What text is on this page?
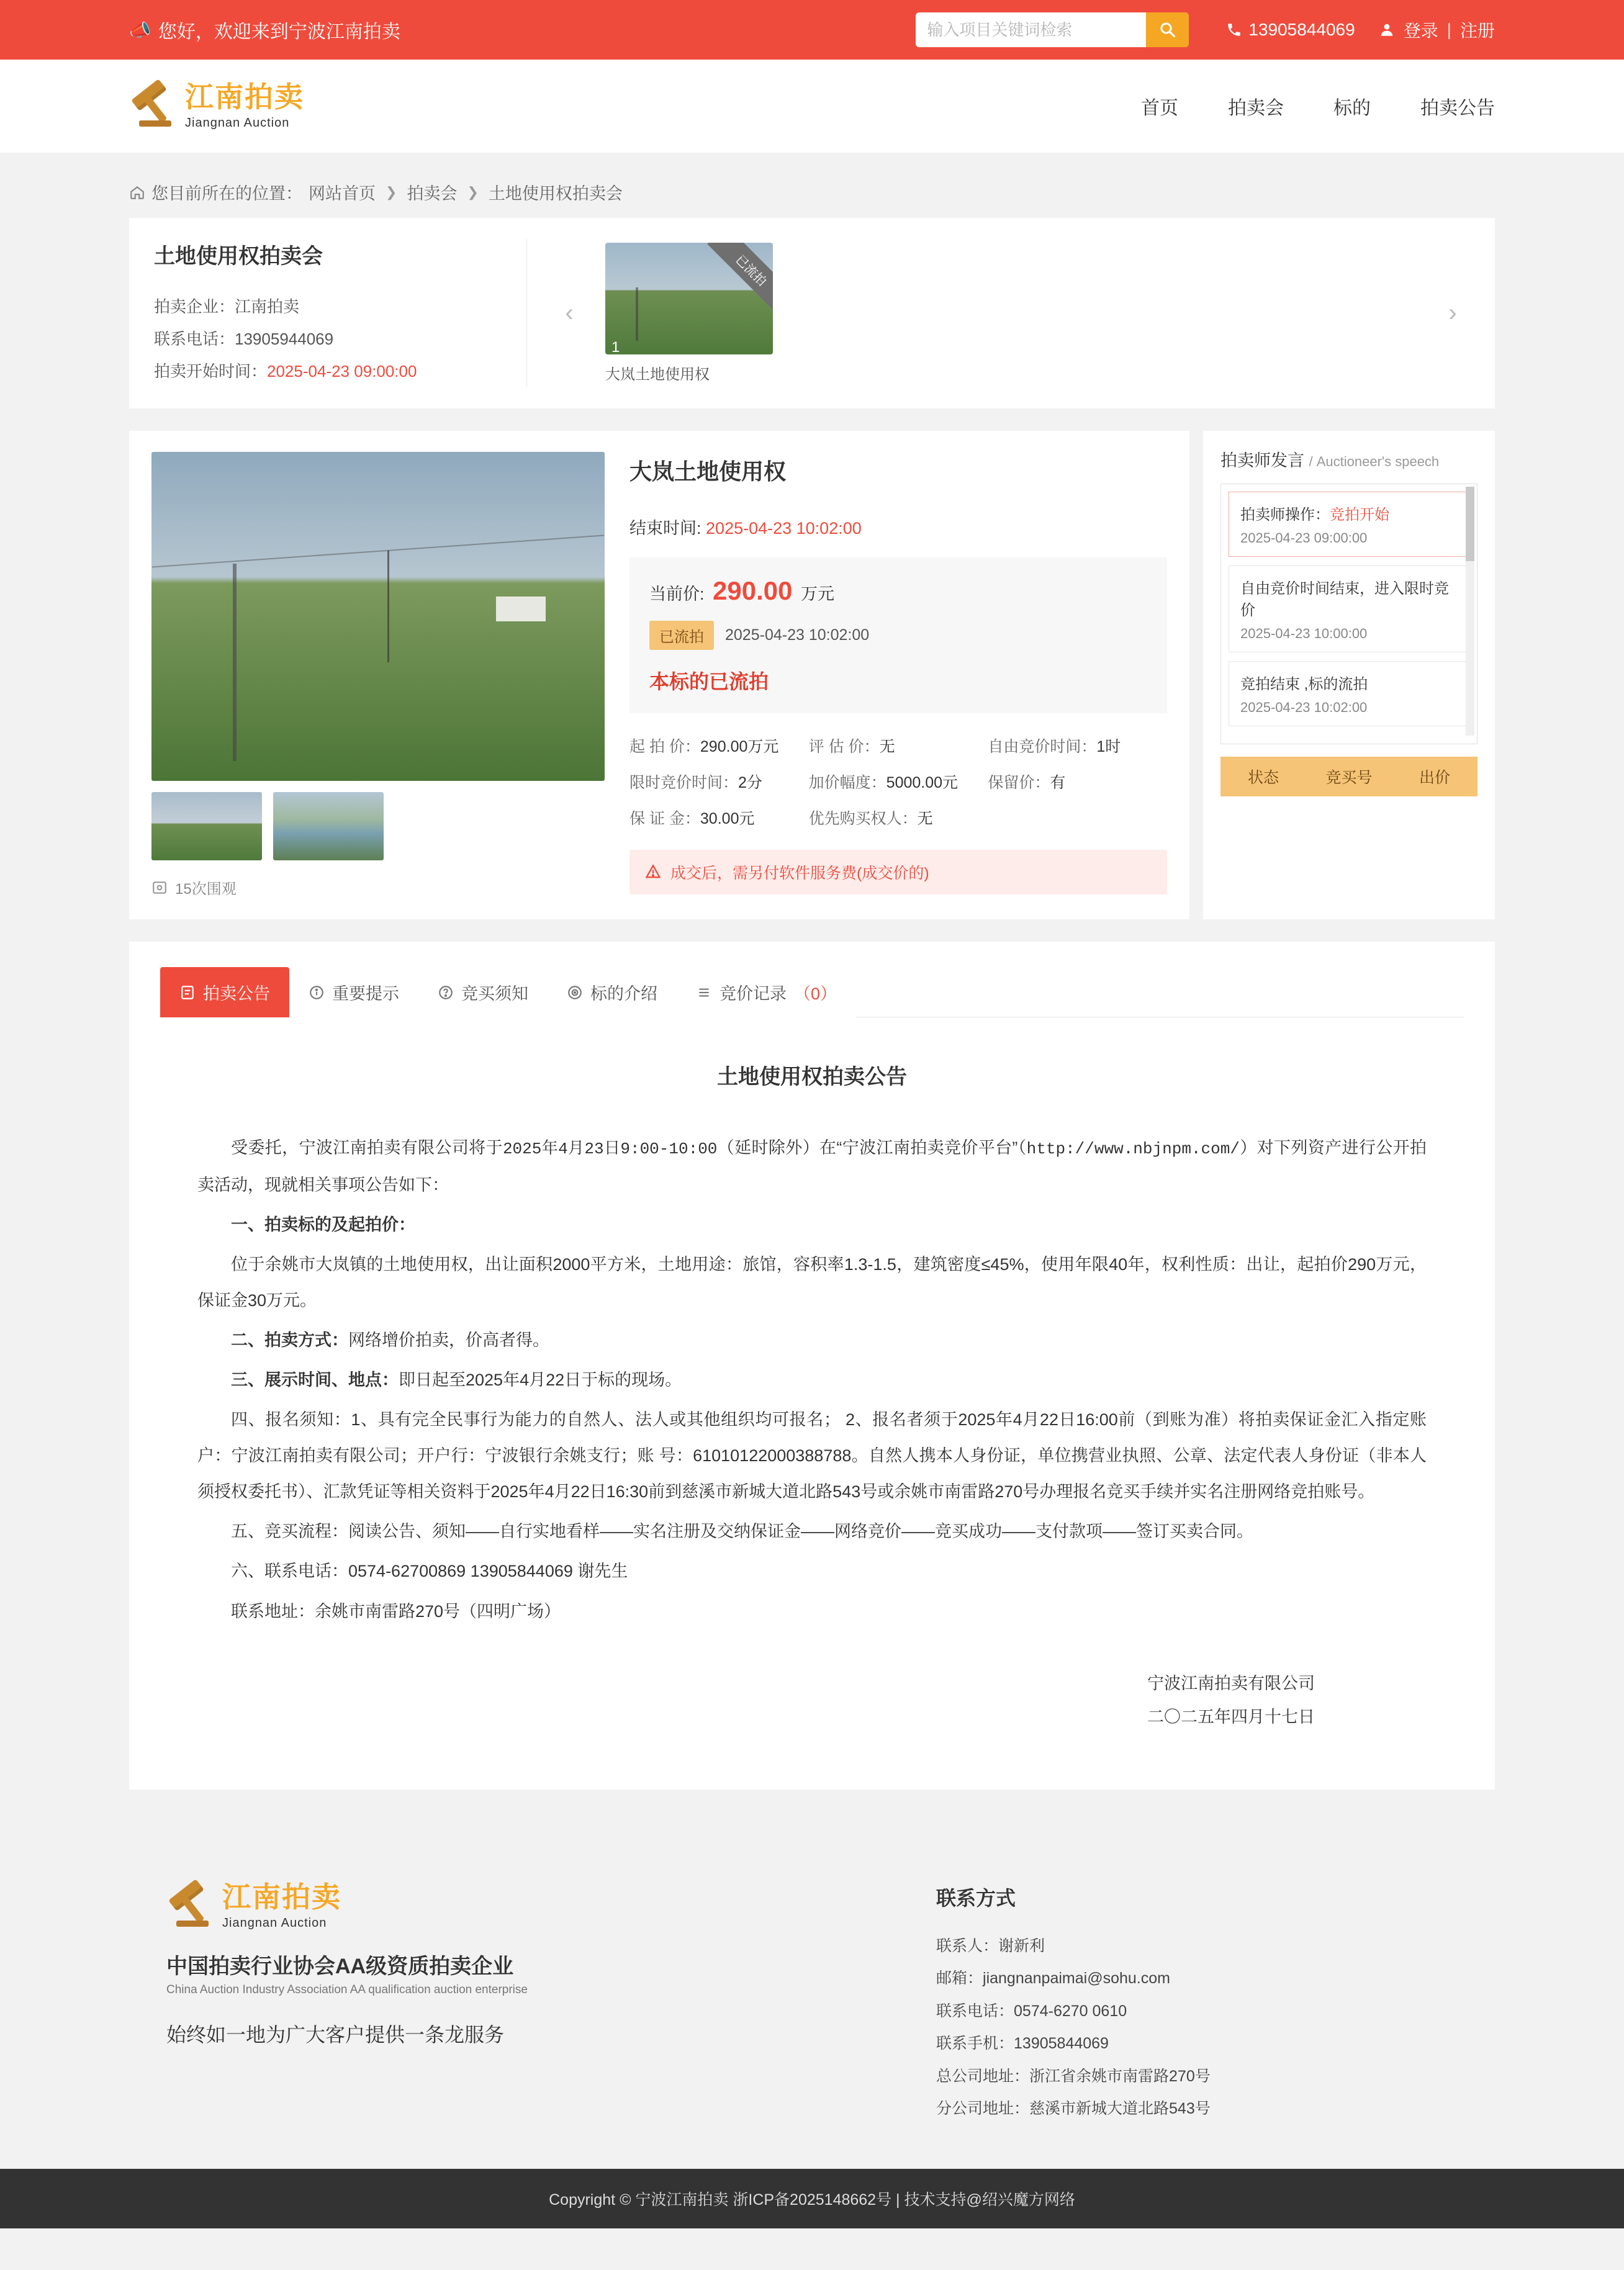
📣 您好，欢迎来到宁波江南拍卖
输入项目关键词检索	13905844069	登录 | 注册
江南拍卖
Jiangnan Auction
首页	拍卖会	标的	拍卖公告
您目前所在的位置： 网站首页 ❯ 拍卖会 ❯ 土地使用权拍卖会
土地使用权拍卖会
拍卖企业：江南拍卖
联系电话：13905944069
拍卖开始时间：2025-04-23 09:00:00
‹
已流拍
1
大岚土地使用权
›
15次围观
大岚土地使用权
结束时间: 2025-04-23 10:02:00
当前价: 290.00 万元
已流拍	2025-04-23 10:02:00
本标的已流拍
起 拍 价：290.00万元	评 估 价：无	自由竞价时间：1时
限时竞价时间：2分	加价幅度：5000.00元	保留价：有
保 证 金：30.00元	优先购买权人：无
成交后，需另付软件服务费(成交价的)
拍卖师发言 / Auctioneer's speech
拍卖师操作：竞拍开始
2025-04-23 09:00:00
自由竞价时间结束，进入限时竞价
2025-04-23 10:00:00
竞拍结束 ,标的流拍
2025-04-23 10:02:00
状态	竞买号	出价
拍卖公告	重要提示	竞买须知	标的介绍	竞价记录 （0）
土地使用权拍卖公告

受委托，宁波江南拍卖有限公司将于2025年4月23日9:00-10:00（延时除外）在“宁波江南拍卖竞价平台”（http://www.nbjnpm.com/）对下列资产进行公开拍卖活动，现就相关事项公告如下：

一、拍卖标的及起拍价：

位于余姚市大岚镇的土地使用权，出让面积2000平方米，土地用途：旅馆，容积率1.3-1.5，建筑密度≤45%，使用年限40年，权利性质：出让，起拍价290万元，保证金30万元。

二、拍卖方式：网络增价拍卖，价高者得。

三、展示时间、地点：即日起至2025年4月22日于标的现场。

四、报名须知：1、具有完全民事行为能力的自然人、法人或其他组织均可报名； 2、报名者须于2025年4月22日16:00前（到账为准）将拍卖保证金汇入指定账户：宁波江南拍卖有限公司；开户行：宁波银行余姚支行；账 号：61010122000388788。自然人携本人身份证，单位携营业执照、公章、法定代表人身份证（非本人须授权委托书）、汇款凭证等相关资料于2025年4月22日16:30前到慈溪市新城大道北路543号或余姚市南雷路270号办理报名竞买手续并实名注册网络竞拍账号。

五、竞买流程：阅读公告、须知——自行实地看样——实名注册及交纳保证金——网络竞价——竞买成功——支付款项——签订买卖合同。

六、联系电话：0574-62700869 13905844069 谢先生

联系地址：余姚市南雷路270号（四明广场）

宁波江南拍卖有限公司
二〇二五年四月十七日
江南拍卖
Jiangnan Auction
中国拍卖行业协会AA级资质拍卖企业
China Auction Industry Association AA qualification auction enterprise
始终如一地为广大客户提供一条龙服务
联系方式
联系人：谢新利
邮箱：jiangnanpaimai@sohu.com
联系电话：0574-6270 0610
联系手机：13905844069
总公司地址：浙江省余姚市南雷路270号
分公司地址：慈溪市新城大道北路543号
Copyright © 宁波江南拍卖 浙ICP备2025148662号 | 技术支持@绍兴魔方网络
